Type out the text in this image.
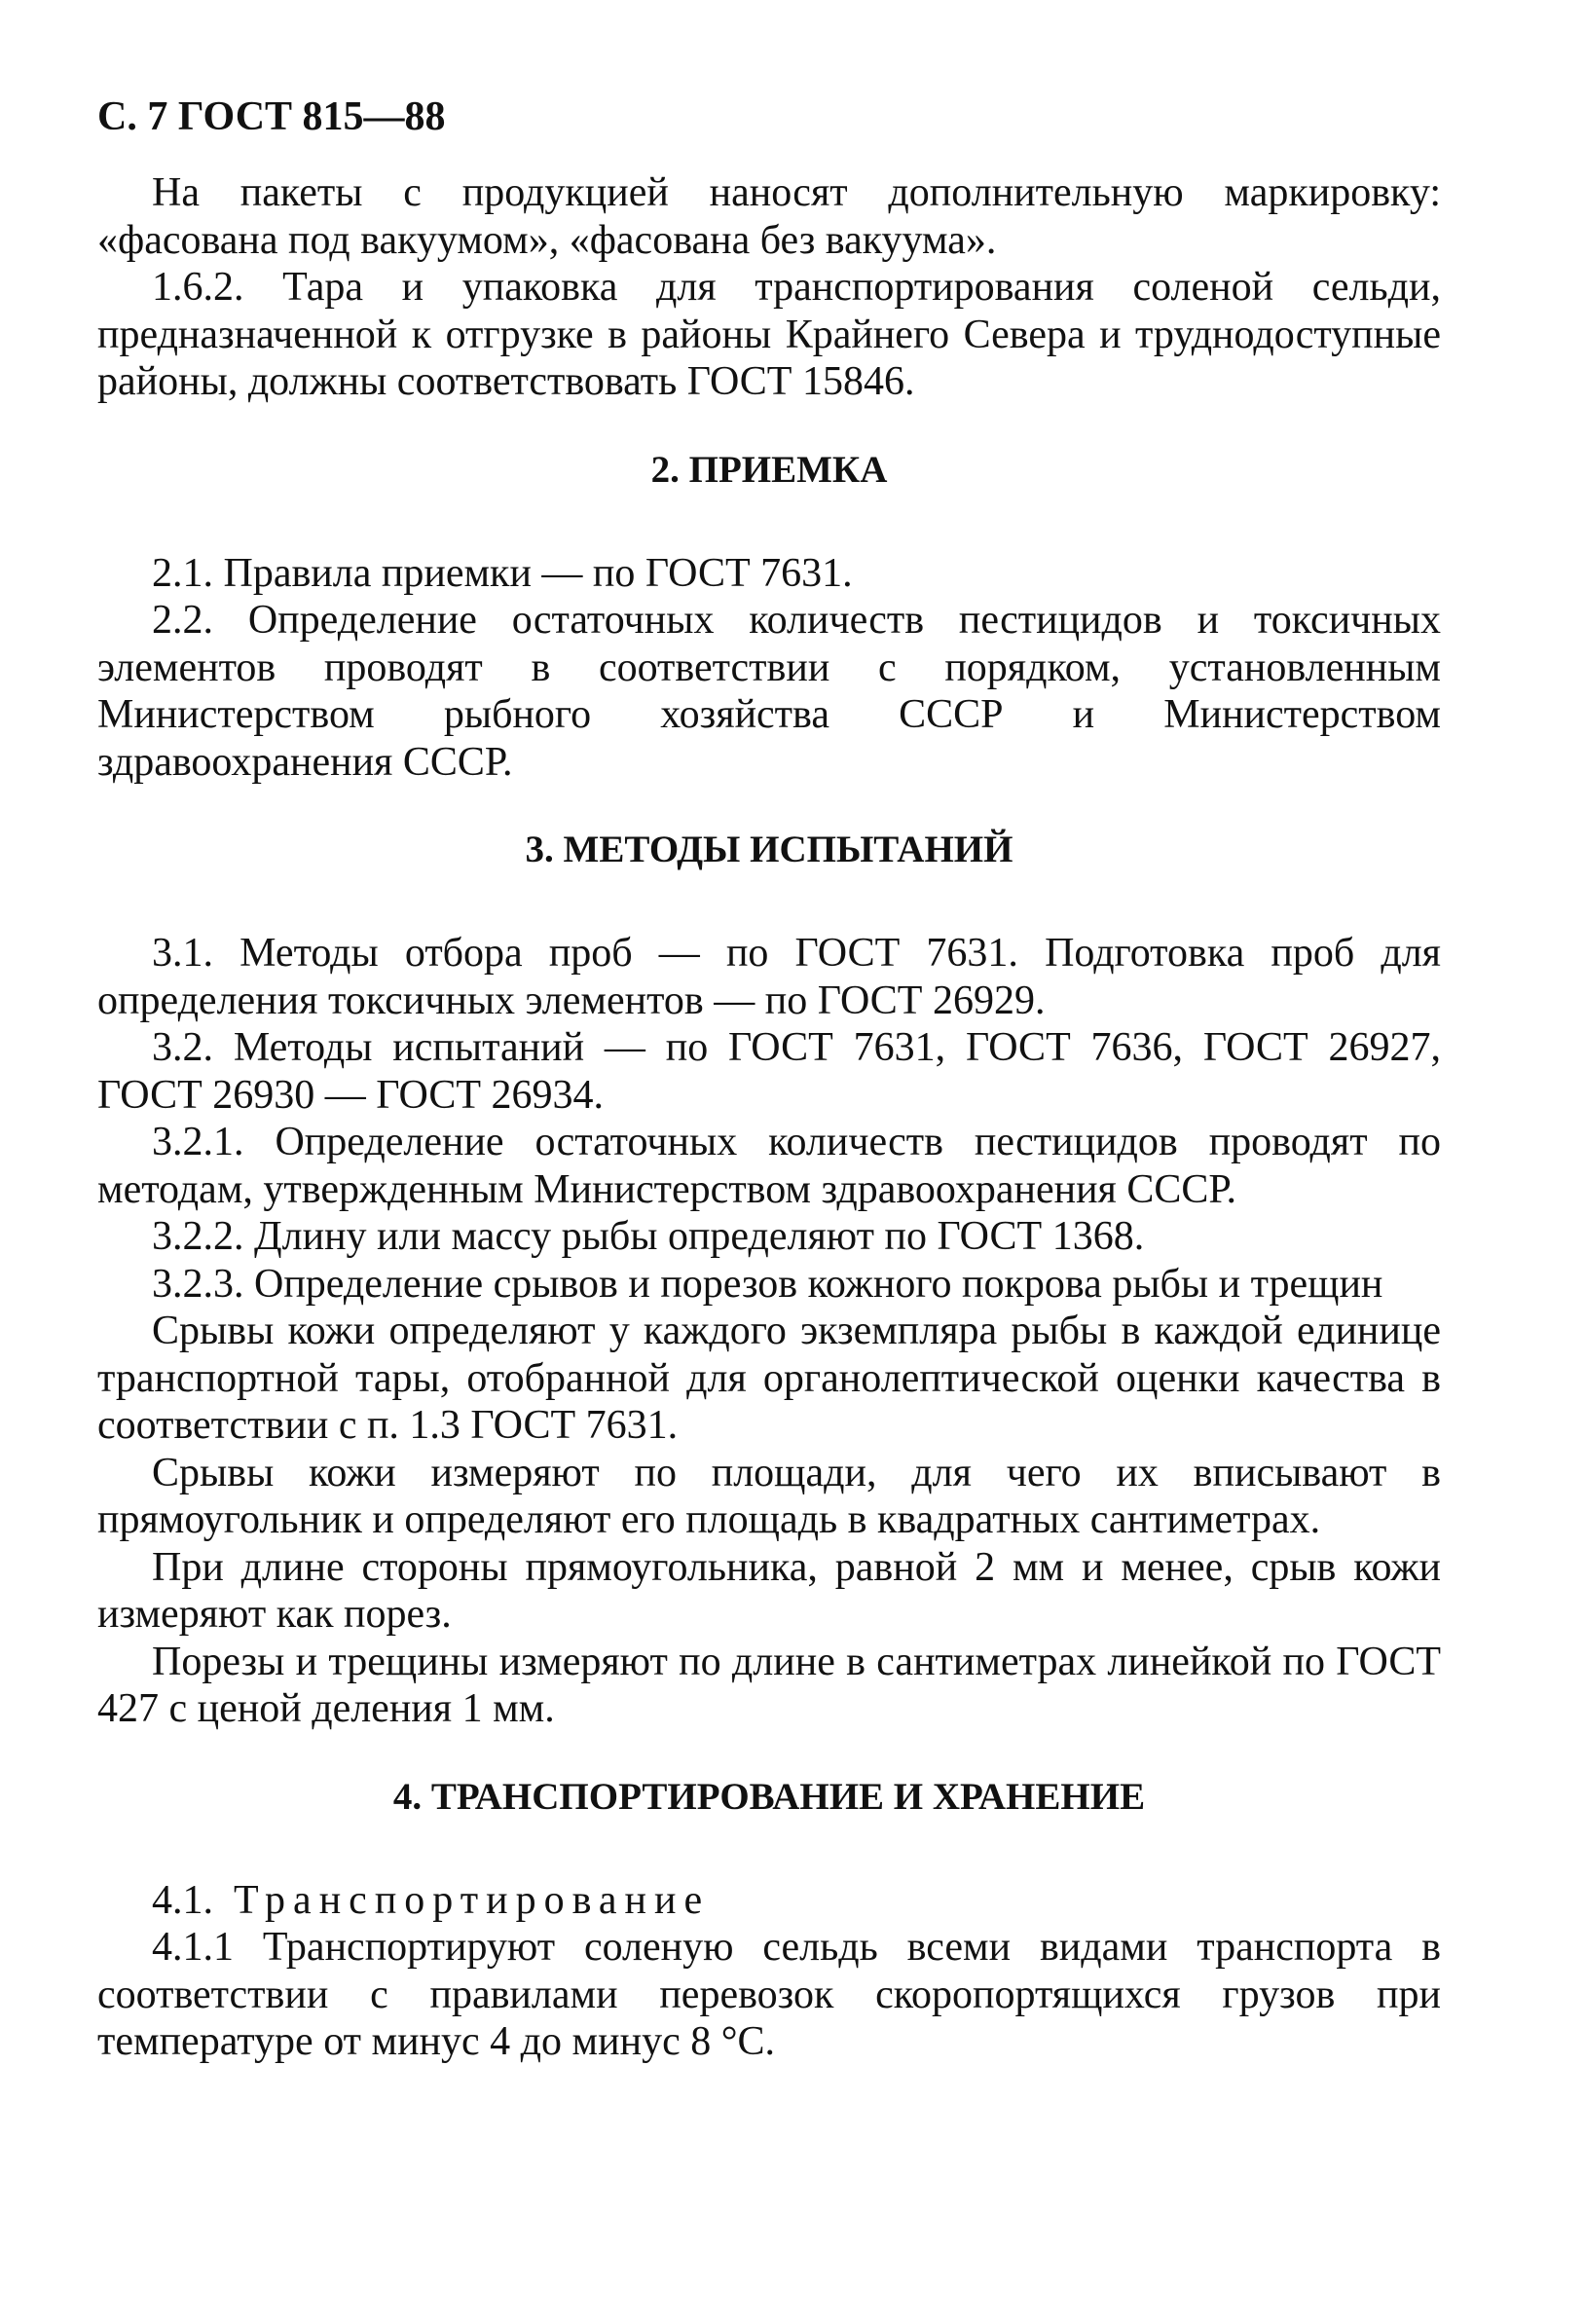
С. 7 ГОСТ 815—88

На пакеты с продукцией наносят дополнительную маркировку: «фасована под вакуумом», «фасована без вакуума».

1.6.2. Тара и упаковка для транспортирования соленой сельди, предназначенной к отгрузке в районы Крайнего Севера и труднодоступные районы, должны соответствовать ГОСТ 15846.

2. ПРИЕМКА

2.1. Правила приемки — по ГОСТ 7631.

2.2. Определение остаточных количеств пестицидов и токсичных элементов проводят в соответствии с порядком, установленным Министерством рыбного хозяйства СССР и Министерством здравоохранения СССР.

3. МЕТОДЫ ИСПЫТАНИЙ

3.1. Методы отбора проб — по ГОСТ 7631. Подготовка проб для определения токсичных элементов — по ГОСТ 26929.

3.2. Методы испытаний — по ГОСТ 7631, ГОСТ 7636, ГОСТ 26927, ГОСТ 26930 — ГОСТ 26934.

3.2.1. Определение остаточных количеств пестицидов проводят по методам, утвержденным Министерством здравоохранения СССР.

3.2.2. Длину или массу рыбы определяют по ГОСТ 1368.

3.2.3. Определение срывов и порезов кожного покрова рыбы и трещин

Срывы кожи определяют у каждого экземпляра рыбы в каждой единице транспортной тары, отобранной для органолептической оценки качества в соответствии с п. 1.3 ГОСТ 7631.

Срывы кожи измеряют по площади, для чего их вписывают в прямоугольник и определяют его площадь в квадратных сантиметрах.

При длине стороны прямоугольника, равной 2 мм и менее, срыв кожи измеряют как порез.

Порезы и трещины измеряют по длине в сантиметрах линейкой по ГОСТ 427 с ценой деления 1 мм.

4. ТРАНСПОРТИРОВАНИЕ И ХРАНЕНИЕ

4.1. Транспортирование

4.1.1 Транспортируют соленую сельдь всеми видами транспорта в соответствии с правилами перевозок скоропортящихся грузов при температуре от минус 4 до минус 8 °С.
